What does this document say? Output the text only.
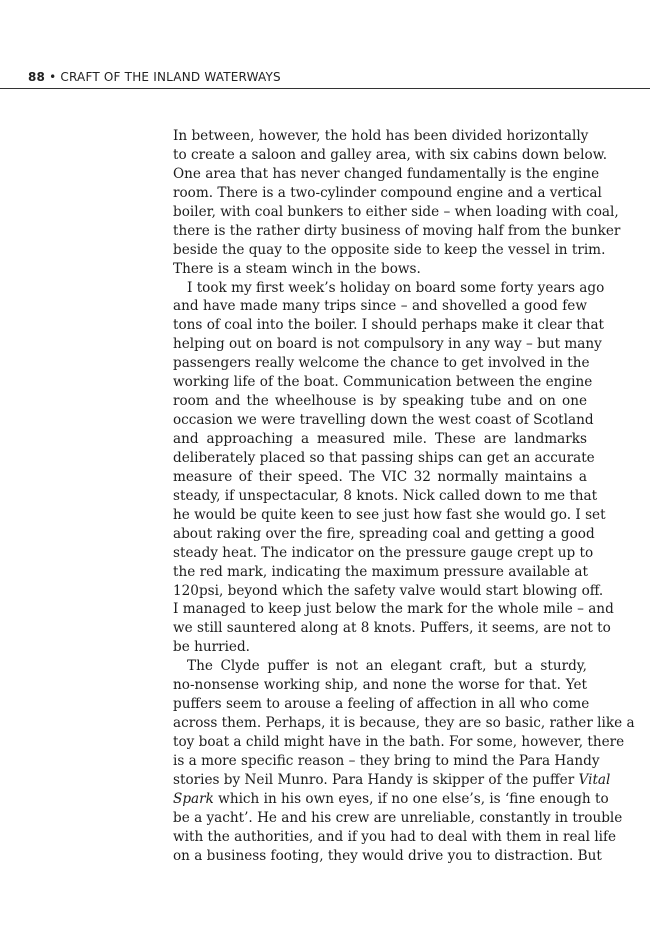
88 • CRAFT OF THE INLAND WATERWAYS
In between, however, the hold has been divided horizontally
to create a saloon and galley area, with six cabins down below.
One area that has never changed fundamentally is the engine
room. There is a two-cylinder compound engine and a vertical
boiler, with coal bunkers to either side – when loading with coal,
there is the rather dirty business of moving half from the bunker
beside the quay to the opposite side to keep the vessel in trim.
There is a steam winch in the bows.
I took my first week’s holiday on board some forty years ago
and have made many trips since – and shovelled a good few
tons of coal into the boiler. I should perhaps make it clear that
helping out on board is not compulsory in any way – but many
passengers really welcome the chance to get involved in the
working life of the boat. Communication between the engine
room and the wheelhouse is by speaking tube and on one
occasion we were travelling down the west coast of Scotland
and approaching a measured mile. These are landmarks
deliberately placed so that passing ships can get an accurate
measure of their speed. The VIC 32 normally maintains a
steady, if unspectacular, 8 knots. Nick called down to me that
he would be quite keen to see just how fast she would go. I set
about raking over the fire, spreading coal and getting a good
steady heat. The indicator on the pressure gauge crept up to
the red mark, indicating the maximum pressure available at
120psi, beyond which the safety valve would start blowing off.
I managed to keep just below the mark for the whole mile – and
we still sauntered along at 8 knots. Puffers, it seems, are not to
be hurried.
The Clyde puffer is not an elegant craft, but a sturdy,
no-nonsense working ship, and none the worse for that. Yet
puffers seem to arouse a feeling of affection in all who come
across them. Perhaps, it is because, they are so basic, rather like a
toy boat a child might have in the bath. For some, however, there
is a more specific reason – they bring to mind the Para Handy
stories by Neil Munro. Para Handy is skipper of the puffer Vital
Spark which in his own eyes, if no one else’s, is ‘fine enough to
be a yacht’. He and his crew are unreliable, constantly in trouble
with the authorities, and if you had to deal with them in real life
on a business footing, they would drive you to distraction. But
